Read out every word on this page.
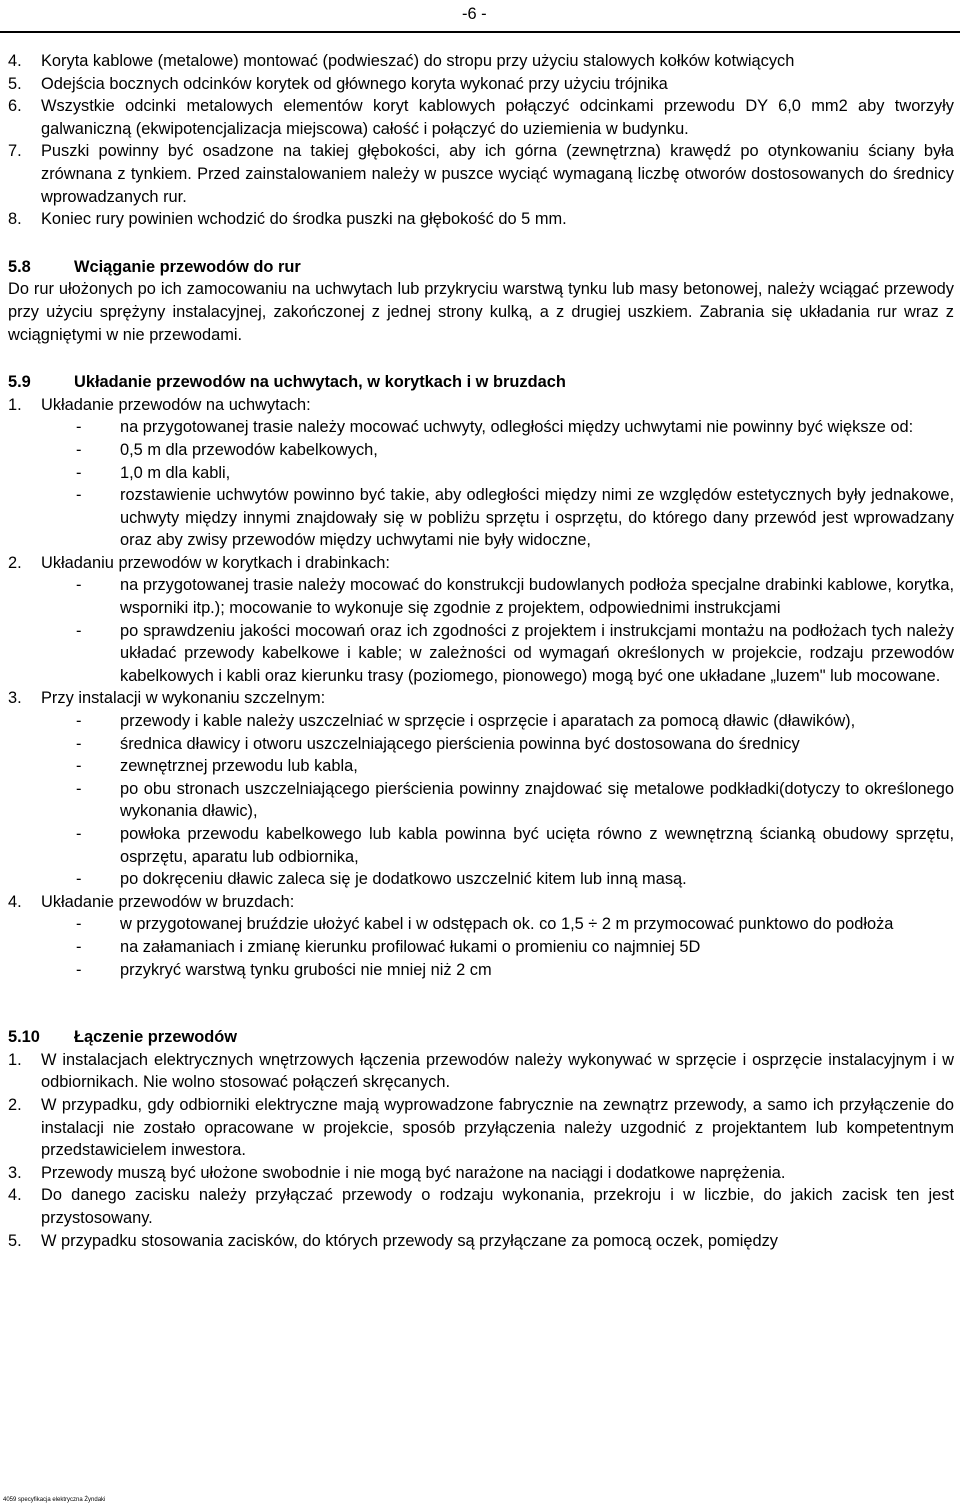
-6 -
4.	Koryta kablowe (metalowe) montować (podwieszać) do stropu przy użyciu stalowych kołków kotwiących
5.	Odejścia bocznych odcinków korytek od głównego koryta wykonać przy użyciu trójnika
6.	Wszystkie odcinki metalowych elementów koryt kablowych połączyć odcinkami przewodu DY 6,0 mm2 aby tworzyły galwaniczną (ekwipotencjalizacja miejscowa) całość i połączyć do uziemienia w budynku.
7.	Puszki powinny być osadzone na takiej głębokości, aby ich górna (zewnętrzna) krawędź po otynkowaniu ściany była zrównana z tynkiem. Przed zainstalowaniem należy w puszce wyciąć wymaganą liczbę otworów dostosowanych do średnicy wprowadzanych rur.
8.	Koniec rury powinien wchodzić do środka puszki na głębokość do 5 mm.
5.8	Wciąganie przewodów do rur
Do rur ułożonych po ich zamocowaniu na uchwytach lub przykryciu warstwą tynku lub masy betonowej, należy wciągać przewody przy użyciu sprężyny instalacyjnej, zakończonej z jednej strony kulką, a z drugiej uszkiem. Zabrania się układania rur wraz z wciągniętymi w nie przewodami.
5.9	Układanie przewodów na uchwytach, w korytkach i w bruzdach
1.	Układanie przewodów na uchwytach:
-	na przygotowanej trasie należy mocować uchwyty, odległości między uchwytami nie powinny być większe od:
-	0,5 m dla przewodów kabelkowych,
-	1,0 m dla kabli,
-	rozstawienie uchwytów powinno być takie, aby odległości między nimi ze względów estetycznych były jednakowe, uchwyty między innymi znajdowały się w pobliżu sprzętu i osprzętu, do którego dany przewód jest wprowadzany oraz aby zwisy przewodów między uchwytami nie były widoczne,
2.	Układaniu przewodów w korytkach i drabinkach:
-	na przygotowanej trasie należy mocować do konstrukcji budowlanych podłoża specjalne drabinki kablowe, korytka, wsporniki itp.); mocowanie to wykonuje się zgodnie z projektem, odpowiednimi instrukcjami
-	po sprawdzeniu jakości mocowań oraz ich zgodności z projektem i instrukcjami montażu na podłożach tych należy układać przewody kabelkowe i kable; w zależności od wymagań określonych w projekcie, rodzaju przewodów kabelkowych i kabli oraz kierunku trasy (poziomego, pionowego) mogą być one układane „luzem" lub mocowane.
3.	Przy instalacji w wykonaniu szczelnym:
-	przewody i kable należy uszczelniać w sprzęcie i osprzęcie i aparatach za pomocą dławic (dławików),
-	średnica dławicy i otworu uszczelniającego pierścienia powinna być dostosowana do średnicy
-	zewnętrznej przewodu lub kabla,
-	po obu stronach uszczelniającego pierścienia powinny znajdować się metalowe podkładki(dotyczy to określonego wykonania dławic),
-	powłoka przewodu kabelkowego lub kabla powinna być ucięta równo z wewnętrzną ścianką obudowy sprzętu, osprzętu, aparatu lub odbiornika,
-	po dokręceniu dławic zaleca się je dodatkowo uszczelnić kitem lub inną masą.
4.	Układanie przewodów w bruzdach:
-	w przygotowanej bruździe ułożyć kabel i w odstępach ok. co 1,5 ÷ 2 m przymocować punktowo do podłoża
-	na załamaniach i zmianę kierunku profilować łukami o promieniu co najmniej 5D
-	przykryć warstwą tynku grubości nie mniej niż 2 cm
5.10	Łączenie przewodów
1.	W instalacjach elektrycznych wnętrzowych łączenia przewodów należy wykonywać w sprzęcie i osprzęcie instalacyjnym i w odbiornikach. Nie wolno stosować połączeń skręcanych.
2.	W przypadku, gdy odbiorniki elektryczne mają wyprowadzone fabrycznie na zewnątrz przewody, a samo ich przyłączenie do instalacji nie zostało opracowane w projekcie, sposób przyłączenia należy uzgodnić z projektantem lub kompetentnym przedstawicielem inwestora.
3.	Przewody muszą być ułożone swobodnie i nie mogą być narażone na naciągi i dodatkowe naprężenia.
4.	Do danego zacisku należy przyłączać przewody o rodzaju wykonania, przekroju i w liczbie, do jakich zacisk ten jest przystosowany.
5.	W przypadku stosowania zacisków, do których przewody są przyłączane za pomocą oczek, pomiędzy
4059 specyfikacja elektryczna Żyndaki
